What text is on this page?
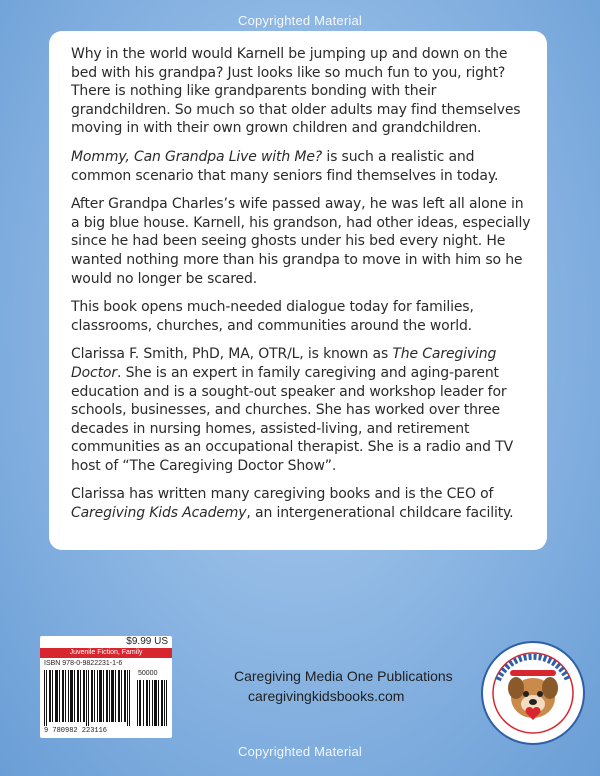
Copyrighted Material

Why in the world would Karnell be jumping up and down on the bed with his grandpa? Just looks like so much fun to you, right? There is nothing like grandparents bonding with their grandchildren. So much so that older adults may find themselves moving in with their own grown children and grandchildren.

Mommy, Can Grandpa Live with Me? is such a realistic and common scenario that many seniors find themselves in today.

After Grandpa Charles’s wife passed away, he was left all alone in a big blue house. Karnell, his grandson, had other ideas, especially since he had been seeing ghosts under his bed every night. He wanted nothing more than his grandpa to move in with him so he would no longer be scared.

This book opens much-needed dialogue today for families, classrooms, churches, and communities around the world.

Clarissa F. Smith, PhD, MA, OTR/L, is known as The Caregiving Doctor. She is an expert in family caregiving and aging-parent education and is a sought-out speaker and workshop leader for schools, businesses, and churches. She has worked over three decades in nursing homes, assisted-living, and retirement communities as an occupational therapist. She is a radio and TV host of “The Caregiving Doctor Show”.

Clarissa has written many caregiving books and is the CEO of Caregiving Kids Academy, an intergenerational childcare facility.

$9.99 US
Juvenile Fiction, Family
ISBN 978-0-9822231-1-6
50000
9 780982 223116
Caregiving Media One Publications
caregivingkidsbooks.com
Copyrighted Material
